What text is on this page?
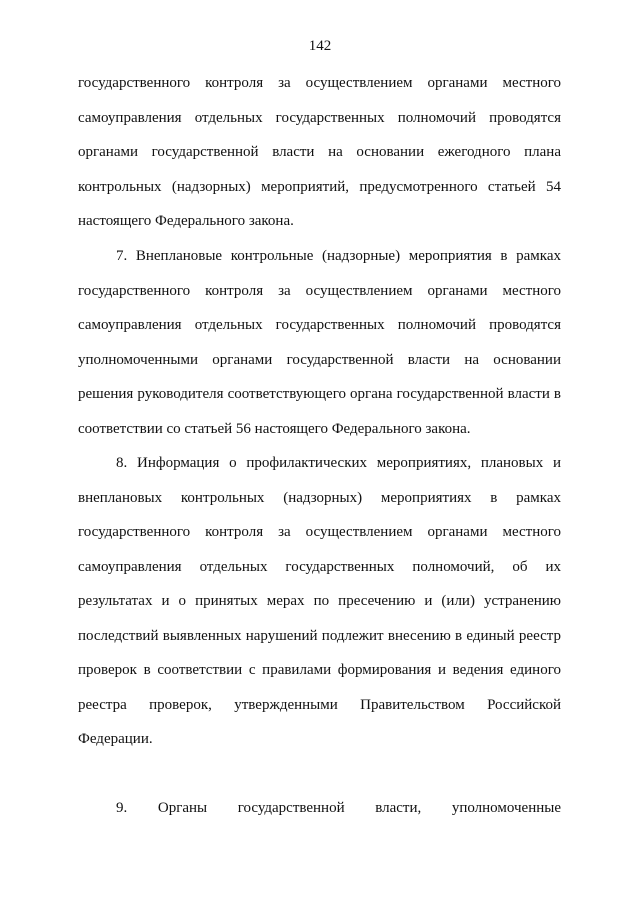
142
государственного контроля за осуществлением органами местного
самоуправления отдельных государственных полномочий проводятся
органами государственной власти на основании ежегодного плана
контрольных (надзорных) мероприятий, предусмотренного статьей 54
настоящего Федерального закона.
7. Внеплановые контрольные (надзорные) мероприятия в рамках
государственного контроля за осуществлением органами местного
самоуправления отдельных государственных полномочий проводятся
уполномоченными органами государственной власти на основании
решения руководителя соответствующего органа государственной власти в
соответствии со статьей 56 настоящего Федерального закона.
8. Информация о профилактических мероприятиях, плановых и
внеплановых контрольных (надзорных) мероприятиях в рамках
государственного контроля за осуществлением органами местного
самоуправления отдельных государственных полномочий, об их
результатах и о принятых мерах по пресечению и (или) устранению
последствий выявленных нарушений подлежит внесению в единый реестр
проверок в соответствии с правилами формирования и ведения единого
реестра проверок, утвержденными Правительством Российской
Федерации.
9. Органы государственной власти, уполномоченные
